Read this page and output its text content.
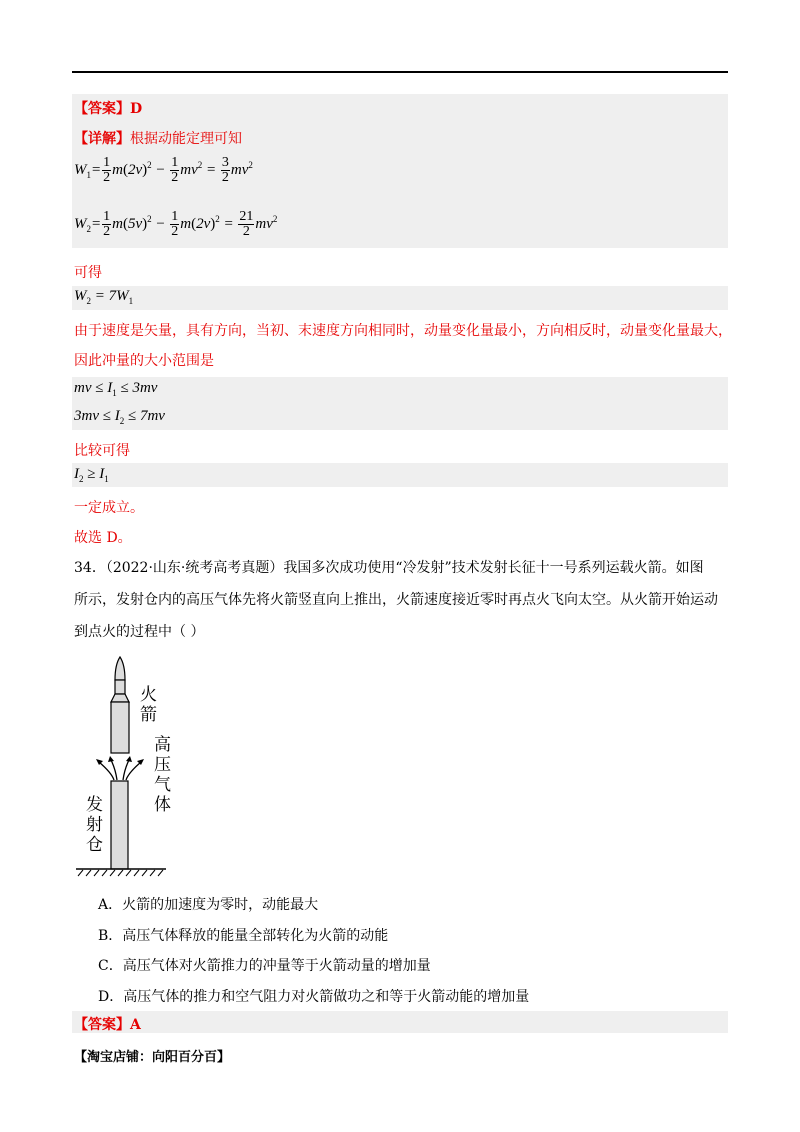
【答案】D
【详解】根据动能定理可知
$W_1= \frac{1}{2} m(2v)^2 - \frac{1}{2} mv^2 = \frac{3}{2} mv^2$
$W_2= \frac{1}{2} m(5v)^2 - \frac{1}{2} m(2v)^2 = \frac{21}{2} mv^2$
可得
$W_2 = 7W_1$
由于速度是矢量，具有方向，当初、末速度方向相同时，动量变化量最小，方向相反时，动量变化量最大，
因此冲量的大小范围是
mv ≤ $I_1 \le 3mv$
$3mv \le I_2 \le 7mv$
比较可得
$I_2 \ge I_1$
一定成立。
故选 D。
34．（2022·山东·统考高考真题）我国多次成功使用“冷发射”技术发射长征十一号系列运载火箭。如图
所示，发射仓内的高压气体先将火箭竖直向上推出，火箭速度接近零时再点火飞向太空。从火箭开始运动
到点火的过程中（ ）
火
箭
高
压
气
体
发
射
仓
A．火箭的加速度为零时，动能最大
B．高压气体释放的能量全部转化为火箭的动能
C．高压气体对火箭推力的冲量等于火箭动量的增加量
D．高压气体的推力和空气阻力对火箭做功之和等于火箭动能的增加量
【答案】A
【淘宝店铺：向阳百分百】
